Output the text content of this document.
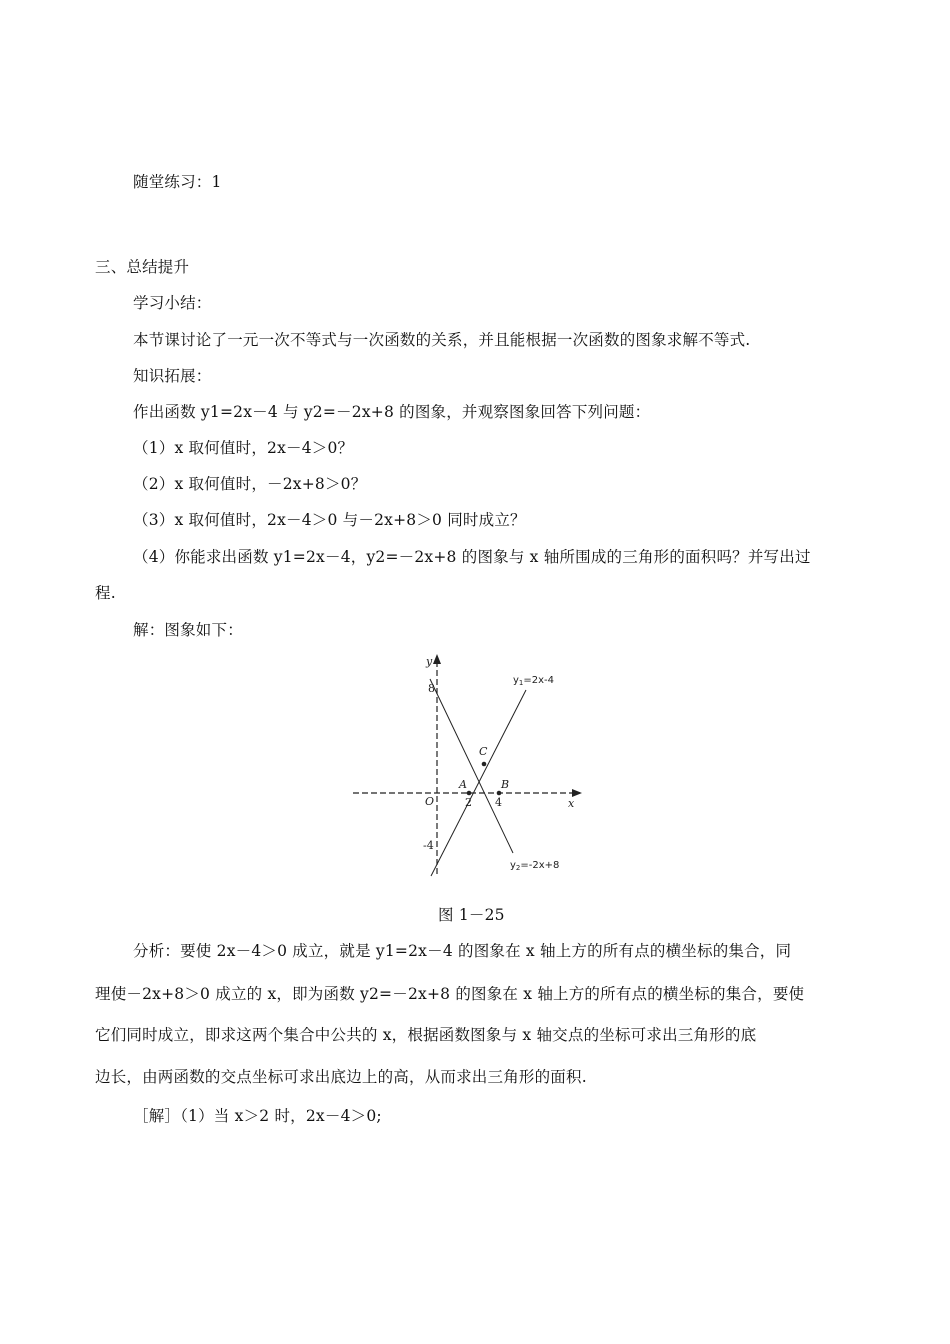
随堂练习：1
三、总结提升
学习小结：
本节课讨论了一元一次不等式与一次函数的关系，并且能根据一次函数的图象求解不等式.
知识拓展：
作出函数 y1=2x－4 与 y2=－2x+8 的图象，并观察图象回答下列问题：
（1）x 取何值时，2x－4＞0？
（2）x 取何值时，－2x+8＞0？
（3）x 取何值时，2x－4＞0 与－2x+8＞0 同时成立？
（4）你能求出函数 y1=2x－4，y2=－2x+8 的图象与 x 轴所围成的三角形的面积吗？并写出过
程.
解：图象如下：
y
x
O
8
-4
2 4
A	B
C
$y_1=2x-4$
$y_2=-2x+8$
图 1－25
分析：要使 2x－4＞0 成立，就是 y1=2x－4 的图象在 x 轴上方的所有点的横坐标的集合，同
理使－2x+8＞0 成立的 x，即为函数 y2=－2x+8 的图象在 x 轴上方的所有点的横坐标的集合，要使
它们同时成立，即求这两个集合中公共的 x，根据函数图象与 x 轴交点的坐标可求出三角形的底
边长，由两函数的交点坐标可求出底边上的高，从而求出三角形的面积.
［解］（1）当 x＞2 时，2x－4＞0;
